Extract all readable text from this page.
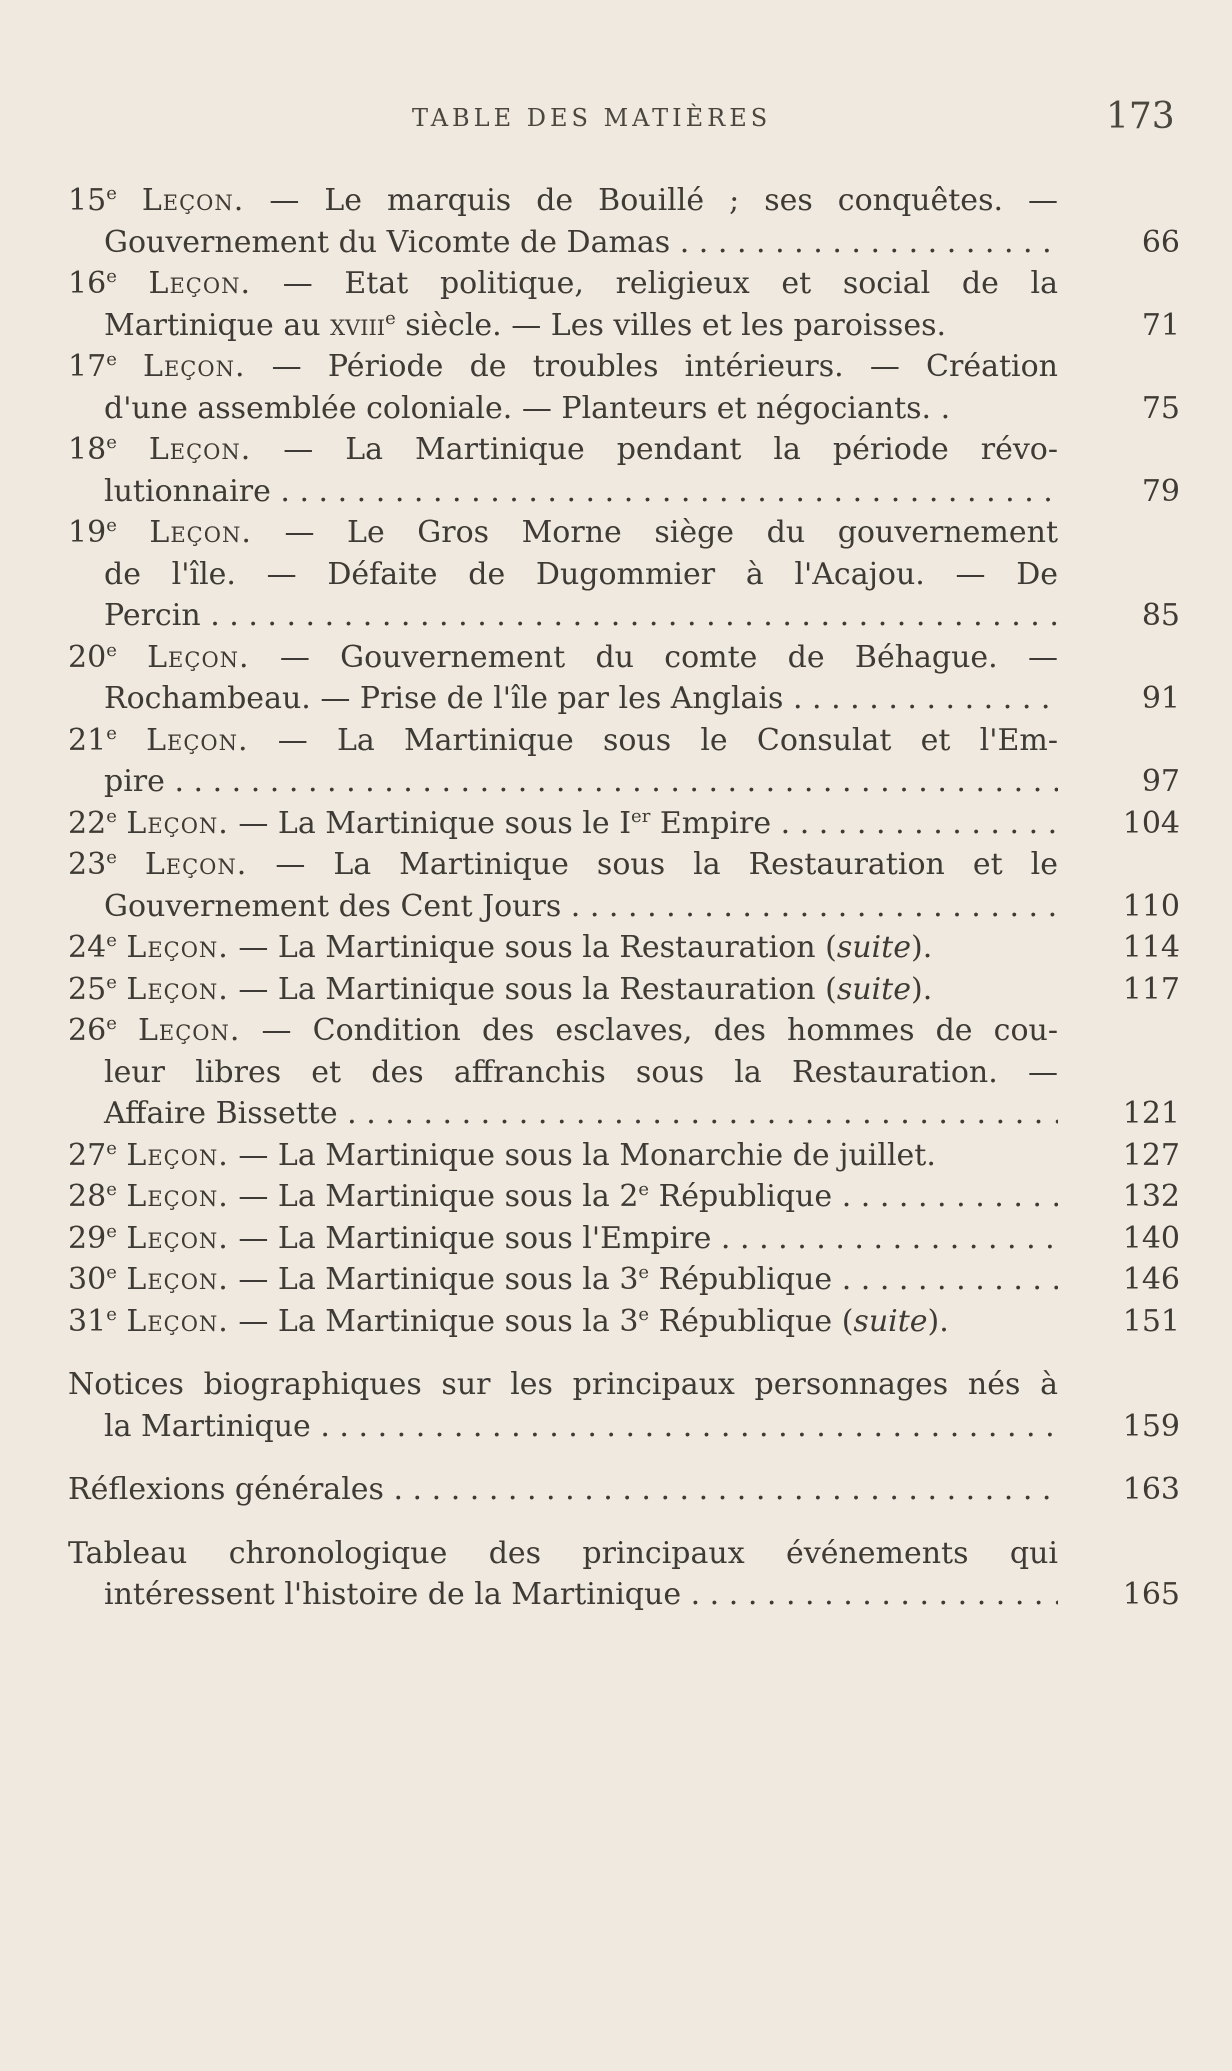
TABLE DES MATIÈRES	173
15e Leçon. — Le marquis de Bouillé ; ses conquêtes. —
Gouvernement du Vicomte de Damas . . .	66
16e Leçon. — Etat politique, religieux et social de la
Martinique au xviii$^e$ siècle. — Les villes et les paroisses.	71
17e Leçon. — Période de troubles intérieurs. — Création
d'une assemblée coloniale. — Planteurs et négociants. .	75
18e Leçon. — La Martinique pendant la période révo-
lutionnaire . . .	79
19e Leçon. — Le Gros Morne siège du gouvernement
de l'île. — Défaite de Dugommier à l'Acajou. — De
Percin . . .	85
20e Leçon. — Gouvernement du comte de Béhague. —
Rochambeau. — Prise de l'île par les Anglais . . .	91
21e Leçon. — La Martinique sous le Consulat et l'Em-
pire . . .	97
22e Leçon. — La Martinique sous le Ier Empire . . .	104
23e Leçon. — La Martinique sous la Restauration et le
Gouvernement des Cent Jours . . .	110
24e Leçon. — La Martinique sous la Restauration (suite).	114
25e Leçon. — La Martinique sous la Restauration (suite).	117
26e Leçon. — Condition des esclaves, des hommes de cou-
leur libres et des affranchis sous la Restauration. —
Affaire Bissette . . .	121
27e Leçon. — La Martinique sous la Monarchie de juillet.	127
28e Leçon. — La Martinique sous la 2e République . . .	132
29e Leçon. — La Martinique sous l'Empire . . .	140
30e Leçon. — La Martinique sous la 3e République . . .	146
31e Leçon. — La Martinique sous la 3e République (suite).	151
Notices biographiques sur les principaux personnages nés à
la Martinique . . .	159
Réflexions générales . . .	163
Tableau chronologique des principaux événements qui
intéressent l'histoire de la Martinique . . .	165
